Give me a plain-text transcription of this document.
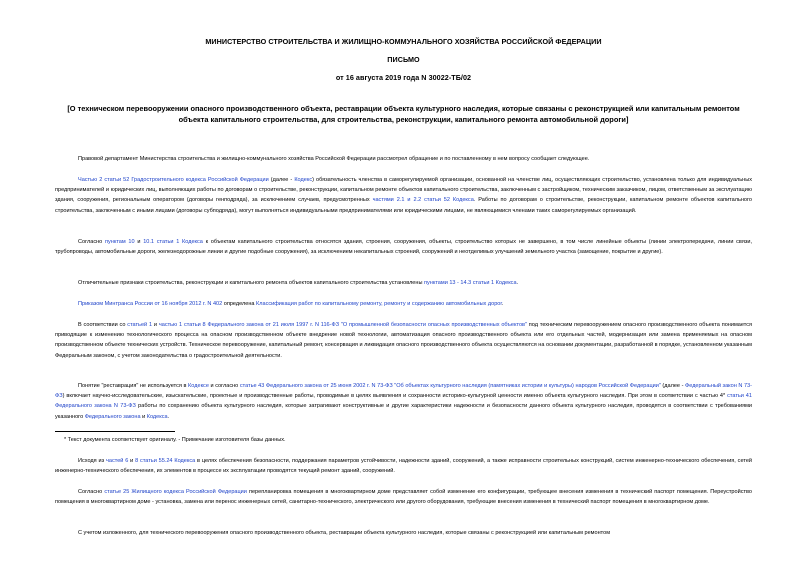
МИНИСТЕРСТВО СТРОИТЕЛЬСТВА И ЖИЛИЩНО-КОММУНАЛЬНОГО ХОЗЯЙСТВА РОССИЙСКОЙ ФЕДЕРАЦИИ
ПИСЬМО
от 16 августа 2019 года N 30022-ТБ/02
[О техническом перевооружении опасного производственного объекта, реставрации объекта культурного наследия, которые связаны с реконструкцией или капитальным ремонтом объекта капитального строительства, для строительства, реконструкции, капитального ремонта автомобильной дороги]
Правовой департамент Министерства строительства и жилищно-коммунального хозяйства Российской Федерации рассмотрел обращение и по поставленному в нем вопросу сообщает следующее.
Частью 2 статьи 52 Градостроительного кодекса Российской Федерации (далее - Кодекс) обязательность членства в саморегулируемой организации, основанной на членстве лиц, осуществляющих строительство, установлена только для индивидуальных предпринимателей и юридических лиц, выполняющих работы по договорам о строительстве, реконструкции, капитальном ремонте объектов капитального строительства, заключенным с застройщиком, техническим заказчиком, лицом, ответственным за эксплуатацию здания, сооружения, региональным оператором (договоры генподряда), за исключением случаев, предусмотренных частями 2.1 и 2.2 статьи 52 Кодекса. Работы по договорам о строительстве, реконструкции, капитальном ремонте объектов капитального строительства, заключенным с иными лицами (договоры субподряда), могут выполняться индивидуальными предпринимателями или юридическими лицами, не являющимися членами таких саморегулируемых организаций.
Согласно пунктам 10 и 10.1 статьи 1 Кодекса к объектам капитального строительства относятся здания, строения, сооружения, объекты, строительство которых не завершено, в том числе линейные объекты (линии электропередачи, линии связи, трубопроводы, автомобильные дороги, железнодорожные линии и другие подобные сооружения), за исключением некапитальных строений, сооружений и неотделимых улучшений земельного участка (замощение, покрытие и другие).
Отличительные признаки строительства, реконструкции и капитального ремонта объектов капитального строительства установлены пунктами 13 - 14.3 статьи 1 Кодекса.
Приказом Минтранса России от 16 ноября 2012 г. N 402 определена Классификация работ по капитальному ремонту, ремонту и содержанию автомобильных дорог.
В соответствии со статьей 1 и частью 1 статьи 8 Федерального закона от 21 июля 1997 г. N 116-ФЗ "О промышленной безопасности опасных производственных объектов" под техническим перевооружением опасного производственного объекта понимается приводящие к изменению технологического процесса на опасном производственном объекте внедрение новой технологии, автоматизация опасного производственного объекта или его отдельных частей, модернизация или замена применяемых на опасном производственном объекте технических устройств. Техническое перевооружение, капитальный ремонт, консервация и ликвидация опасного производственного объекта осуществляются на основании документации, разработанной в порядке, установленном указанным Федеральным законом, с учетом законодательства о градостроительной деятельности.
Понятие "реставрация" не используется в Кодексе и согласно статье 43 Федерального закона от 25 июня 2002 г. N 73-ФЗ "Об объектах культурного наследия (памятниках истории и культуры) народов Российской Федерации" (далее - Федеральный закон N 73-ФЗ) включает научно-исследовательские, изыскательские, проектные и производственные работы, проводимые в целях выявления и сохранности историко-культурной ценности именно объекта культурного наследия. При этом в соответствии с частью 4* статьи 41 Федерального закона N 73-ФЗ работы по сохранению объекта культурного наследия, которые затрагивают конструктивные и другие характеристики надежности и безопасности данного объекта культурного наследия, проводятся в соответствии с требованиями указанного Федерального закона и Кодекса.
* Текст документа соответствует оригиналу. - Примечание изготовителя базы данных.
Исходя из частей 6 и 8 статьи 55.24 Кодекса в целях обеспечения безопасности, поддержания параметров устойчивости, надежности зданий, сооружений, а также исправности строительных конструкций, систем инженерно-технического обеспечения, сетей инженерно-технического обеспечения, их элементов в процессе их эксплуатации проводятся текущий ремонт зданий, сооружений.
Согласно статье 25 Жилищного кодекса Российской Федерации перепланировка помещения в многоквартирном доме представляет собой изменение его конфигурации, требующее внесения изменения в технический паспорт помещения. Переустройство помещения в многоквартирном доме - установка, замена или перенос инженерных сетей, санитарно-технического, электрического или другого оборудования, требующие внесения изменения в технический паспорт помещения в многоквартирном доме.
С учетом изложенного, для технического перевооружения опасного производственного объекта, реставрации объекта культурного наследия, которые связаны с реконструкцией или капитальным ремонтом
